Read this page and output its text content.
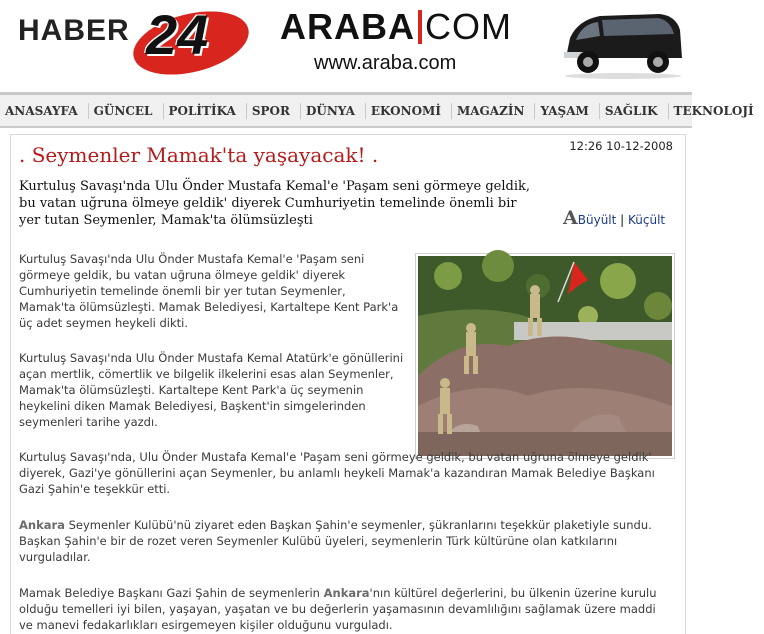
HABER 24 ARABA COM
www.araba.com
ANASAYFA	GÜNCEL	POLİTİKA	SPOR	DÜNYA	EKONOMİ	MAGAZİN	YAŞAM	SAĞLIK	TEKNOLOJİ
. Seymenler Mamak'ta yaşayacak! .	12:26 10-12-2008

Kurtuluş Savaşı'nda Ulu Önder Mustafa Kemal'e 'Paşam seni görmeye geldik, bu vatan uğruna ölmeye geldik' diyerek Cumhuriyetin temelinde önemli bir yer tutan Seymenler, Mamak'ta ölümsüzleşti	ABüyült | Küçült

Kurtuluş Savaşı'nda Ulu Önder Mustafa Kemal'e 'Paşam seni görmeye geldik, bu vatan uğruna ölmeye geldik' diyerek Cumhuriyetin temelinde önemli bir yer tutan Seymenler, Mamak'ta ölümsüzleşti. Mamak Belediyesi, Kartaltepe Kent Park'a üç adet seymen heykeli dikti.

Kurtuluş Savaşı'nda Ulu Önder Mustafa Kemal Atatürk'e gönüllerini açan mertlik, cömertlik ve bilgelik ilkelerini esas alan Seymenler, Mamak'ta ölümsüzleşti. Kartaltepe Kent Park'a üç seymenin heykelini diken Mamak Belediyesi, Başkent'in simgelerinden seymenleri tarihe yazdı.

Kurtuluş Savaşı'nda, Ulu Önder Mustafa Kemal'e 'Paşam seni görmeye geldik, bu vatan uğruna ölmeye geldik' diyerek, Gazi'ye gönüllerini açan Seymenler, bu anlamlı heykeli Mamak'a kazandıran Mamak Belediye Başkanı Gazi Şahin'e teşekkür etti.

Ankara Seymenler Kulübü'nü ziyaret eden Başkan Şahin'e seymenler, şükranlarını teşekkür plaketiyle sundu. Başkan Şahin'e bir de rozet veren Seymenler Kulübü üyeleri, seymenlerin Türk kültürüne olan katkılarını vurguladılar.

Mamak Belediye Başkanı Gazi Şahin de seymenlerin Ankara'nın kültürel değerlerini, bu ülkenin üzerine kurulu olduğu temelleri iyi bilen, yaşayan, yaşatan ve bu değerlerin yaşamasının devamlılığını sağlamak üzere maddi ve manevi fedakarlıkları esirgemeyen kişiler olduğunu vurguladı.
